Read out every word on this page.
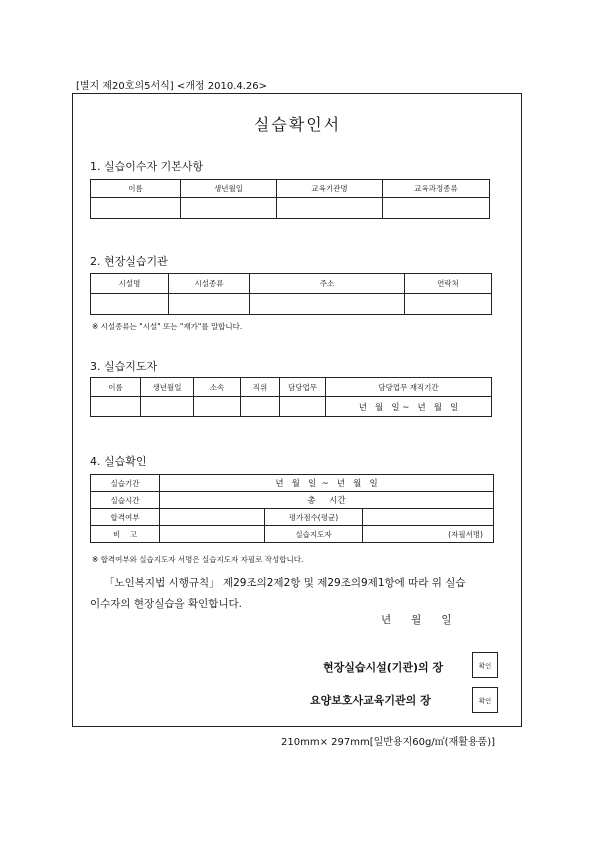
[별지 제20호의5서식] <개정 2010.4.26>
실습확인서
1. 실습이수자 기본사항
이름	생년월일	교육기관명	교육과정종류

2. 현장실습기관
시설명	시설종류	주소	연락처

※ 시설종류는 "시설" 또는 "재가"를 말합니다.
3. 실습지도자
이름	생년월일	소속	직위	담당업무	담당업무 재직기간
					년   월   일 ~   년   월   일
4. 실습확인
실습기간	년   월   일  ~   년   월   일		
실습시간	총     시간		
합격여부		평가점수(평균)	
비    고		실습지도자	(자필서명)
※ 합격여부와 실습지도자 서명은 실습지도자 자필로 작성합니다.
「노인복지법 시행규칙」 제29조의2제2항 및 제29조의9제1항에 따라 위 실습
이수자의 현장실습을 확인합니다.
년      월      일
현장실습시설(기관)의 장	확인
요양보호사교육기관의 장	확인
210mm× 297mm[일반용지60g/㎡(재활용품)]
